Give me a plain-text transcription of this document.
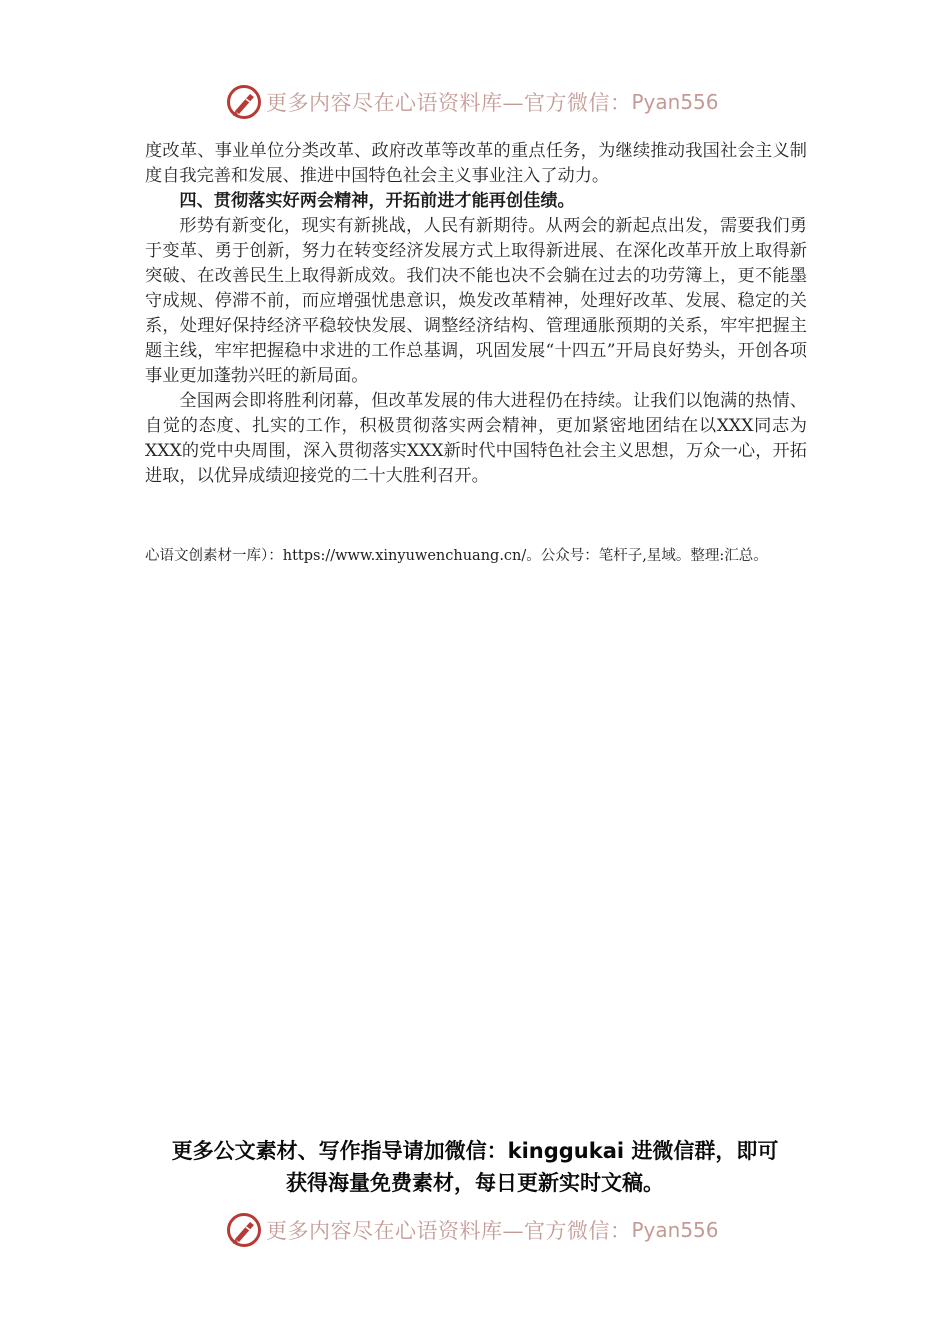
更多内容尽在心语资料库—官方微信： Pyan556

度改革、事业单位分类改革、政府改革等改革的重点任务，为继续推动我国社会主义制度自我完善和发展、推进中国特色社会主义事业注入了动力。

四、贯彻落实好两会精神，开拓前进才能再创佳绩。

形势有新变化，现实有新挑战，人民有新期待。从两会的新起点出发，需要我们勇于变革、勇于创新，努力在转变经济发展方式上取得新进展、在深化改革开放上取得新突破、在改善民生上取得新成效。我们决不能也决不会躺在过去的功劳簿上，更不能墨守成规、停滞不前，而应增强忧患意识，焕发改革精神，处理好改革、发展、稳定的关系，处理好保持经济平稳较快发展、调整经济结构、管理通胀预期的关系，牢牢把握主题主线，牢牢把握稳中求进的工作总基调，巩固发展“十四五”开局良好势头，开创各项事业更加蓬勃兴旺的新局面。

全国两会即将胜利闭幕，但改革发展的伟大进程仍在持续。让我们以饱满的热情、自觉的态度、扎实的工作，积极贯彻落实两会精神，更加紧密地团结在以XXX同志为XXX的党中央周围，深入贯彻落实XXX新时代中国特色社会主义思想，万众一心，开拓进取，以优异成绩迎接党的二十大胜利召开。

心语文创素材一库）：https://www.xinyuwenchuang.cn/。公众号：笔杆子,星域。整理:汇总。
更多公文素材、写作指导请加微信：kinggukai 进微信群，即可
获得海量免费素材，每日更新实时文稿。
更多内容尽在心语资料库—官方微信： Pyan556
